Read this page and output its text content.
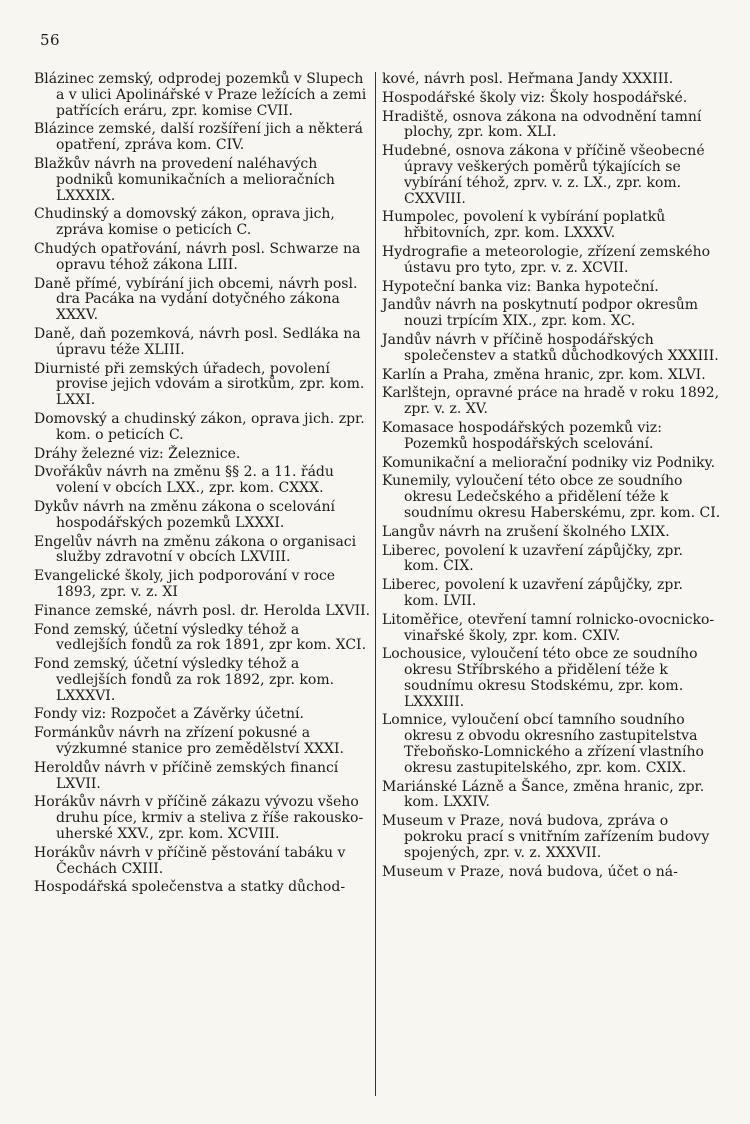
56

Blázinec zemský, odprodej pozemků v Slupech a v ulici Apolinářské v Praze ležících a zemi patřících eráru, zpr. komise CVII.

Blázince zemské, další rozšíření jich a některá opatření, zpráva kom. CIV.

Blažkův návrh na provedení naléhavých podniků komunikačních a melioračních LXXXIX.

Chudinský a domovský zákon, oprava jich, zpráva komise o peticích C.

Chudých opatřování, návrh posl. Schwarze na opravu téhož zákona LIII.

Daně přímé, vybírání jich obcemi, návrh posl. dra Pacáka na vydání dotyčného zákona XXXV.

Daně, daň pozemková, návrh posl. Sedláka na úpravu téže XLIII.

Diurnisté při zemských úřadech, povolení provise jejich vdovám a sirotkům, zpr. kom. LXXI.

Domovský a chudinský zákon, oprava jich. zpr. kom. o peticích C.

Dráhy železné viz: Železnice.

Dvořákův návrh na změnu §§ 2. a 11. řádu volení v obcích LXX., zpr. kom. CXXX.

Dykův návrh na změnu zákona o scelování hospodářských pozemků LXXXI.

Engelův návrh na změnu zákona o organisaci služby zdravotní v obcích LXVIII.

Evangelické školy, jich podporování v roce 1893, zpr. v. z. XI

Finance zemské, návrh posl. dr. Herolda LXVII.

Fond zemský, účetní výsledky téhož a vedlejších fondů za rok 1891, zpr kom. XCI.

Fond zemský, účetní výsledky téhož a vedlejších fondů za rok 1892, zpr. kom. LXXXVI.

Fondy viz: Rozpočet a Závěrky účetní.

Formánkův návrh na zřízení pokusné a výzkumné stanice pro zemědělství XXXI.

Heroldův návrh v příčině zemských financí LXVII.

Horákův návrh v příčině zákazu vývozu všeho druhu píce, krmiv a steliva z říše rakousko-uherské XXV., zpr. kom. XCVIII.

Horákův návrh v příčině pěstování tabáku v Čechách CXIII.

Hospodářská společenstva a statky důchod-

kové, návrh posl. Heřmana Jandy XXXIII.

Hospodářské školy viz: Školy hospodářské.

Hradiště, osnova zákona na odvodnění tamní plochy, zpr. kom. XLI.

Hudebné, osnova zákona v příčině všeobecné úpravy veškerých poměrů týkajících se vybírání téhož, zprv. v. z. LX., zpr. kom. CXXVIII.

Humpolec, povolení k vybírání poplatků hřbitovních, zpr. kom. LXXXV.

Hydrografie a meteorologie, zřízení zemského ústavu pro tyto, zpr. v. z. XCVII.

Hypoteční banka viz: Banka hypoteční.

Jandův návrh na poskytnutí podpor okresům nouzi trpícím XIX., zpr. kom. XC.

Jandův návrh v příčině hospodářských společenstev a statků důchodkových XXXIII.

Karlín a Praha, změna hranic, zpr. kom. XLVI.

Karlštejn, opravné práce na hradě v roku 1892, zpr. v. z. XV.

Komasace hospodářských pozemků viz: Pozemků hospodářských scelování.

Komunikační a meliorační podniky viz Podniky.

Kunemily, vyloučení této obce ze soudního okresu Ledečského a přidělení téže k soudnímu okresu Haberskému, zpr. kom. CI.

Langův návrh na zrušení školného LXIX.

Liberec, povolení k uzavření zápůjčky, zpr. kom. CIX.

Liberec, povolení k uzavření zápůjčky, zpr. kom. LVII.

Litoměřice, otevření tamní rolnicko-ovocnicko-vinařské školy, zpr. kom. CXIV.

Lochousice, vyloučení této obce ze soudního okresu Stříbrského a přidělení téže k soudnímu okresu Stodskému, zpr. kom. LXXXIII.

Lomnice, vyloučení obcí tamního soudního okresu z obvodu okresního zastupitelstva Třeboňsko-Lomnického a zřízení vlastního okresu zastupitelského, zpr. kom. CXIX.

Mariánské Lázně a Šance, změna hranic, zpr. kom. LXXIV.

Museum v Praze, nová budova, zpráva o pokroku prací s vnitřním zařízením budovy spojených, zpr. v. z. XXXVII.

Museum v Praze, nová budova, účet o ná-
